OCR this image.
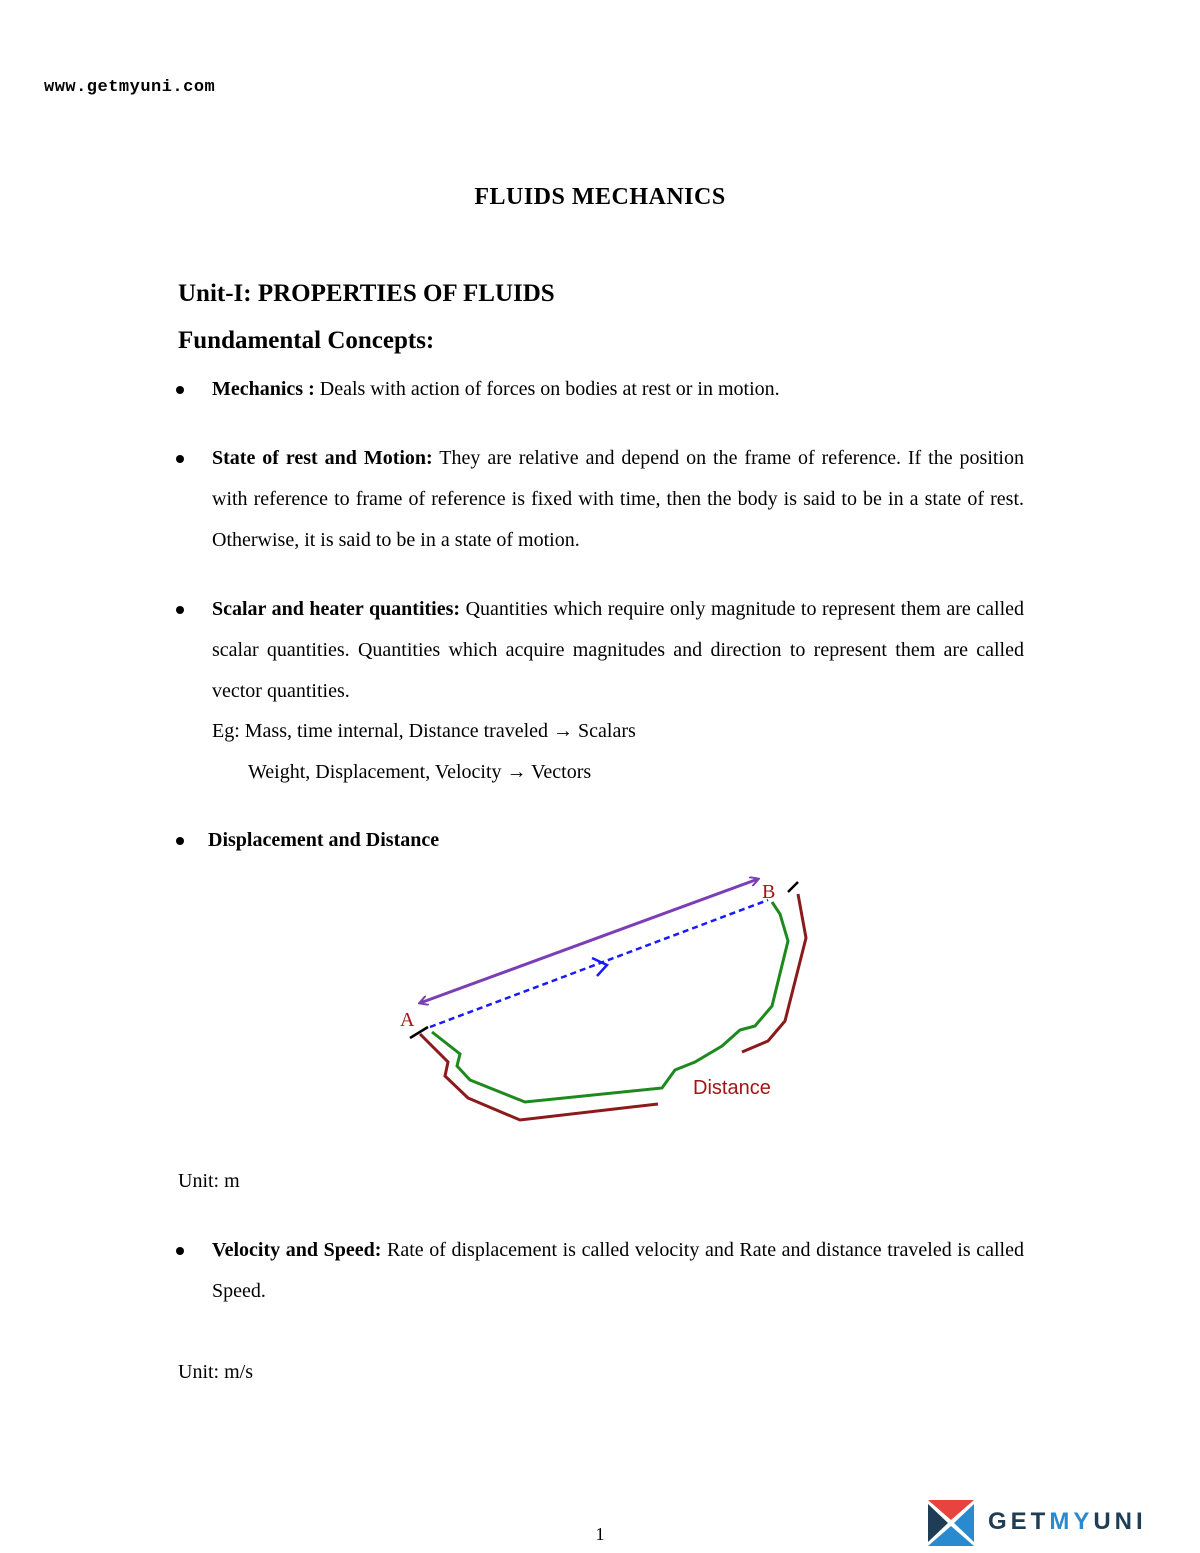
www.getmyuni.com
FLUIDS MECHANICS
Unit-I: PROPERTIES OF FLUIDS
Fundamental Concepts:
Mechanics : Deals with action of forces on bodies at rest or in motion.
State of rest and Motion: They are relative and depend on the frame of reference. If the position with reference to frame of reference is fixed with time, then the body is said to be in a state of rest. Otherwise, it is said to be in a state of motion.
Scalar and heater quantities: Quantities which require only magnitude to represent them are called scalar quantities. Quantities which acquire magnitudes and direction to represent them are called vector quantities.
Eg: Mass, time internal, Distance traveled → Scalars
Weight, Displacement, Velocity → Vectors
Displacement and Distance
A
B
Distance
Unit: m
Velocity and Speed: Rate of displacement is called velocity and Rate and distance traveled is called Speed.
Unit: m/s
1	GETMYUNI
